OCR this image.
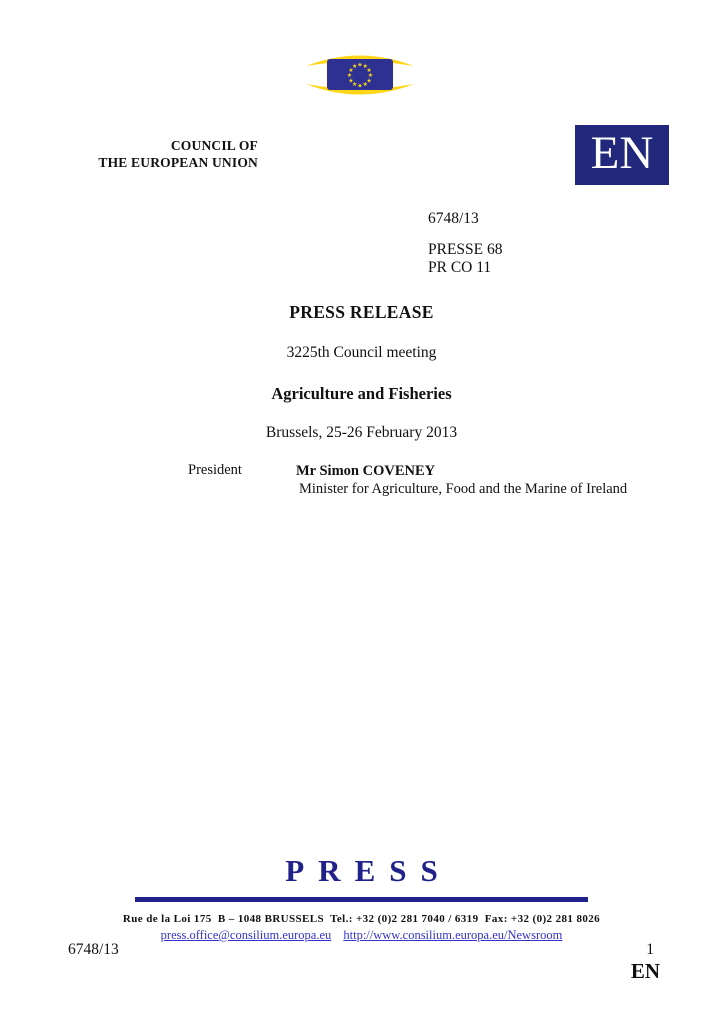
★ ★
★
★
★
★
★
★
★
★
★
★
COUNCIL OF
THE EUROPEAN UNION	EN
6748/13
PRESSE 68
PR CO 11
PRESS RELEASE
3225th Council meeting
Agriculture and Fisheries
Brussels, 25-26 February 2013
President	Mr Simon COVENEY
Minister for Agriculture, Food and the Marine of Ireland
PRESS
Rue de la Loi 175  B – 1048 BRUSSELS  Tel.: +32 (0)2 281 7040 / 6319  Fax: +32 (0)2 281 8026
press.office@consilium.europa.eu http://www.consilium.europa.eu/Newsroom
6748/13	1
EN
